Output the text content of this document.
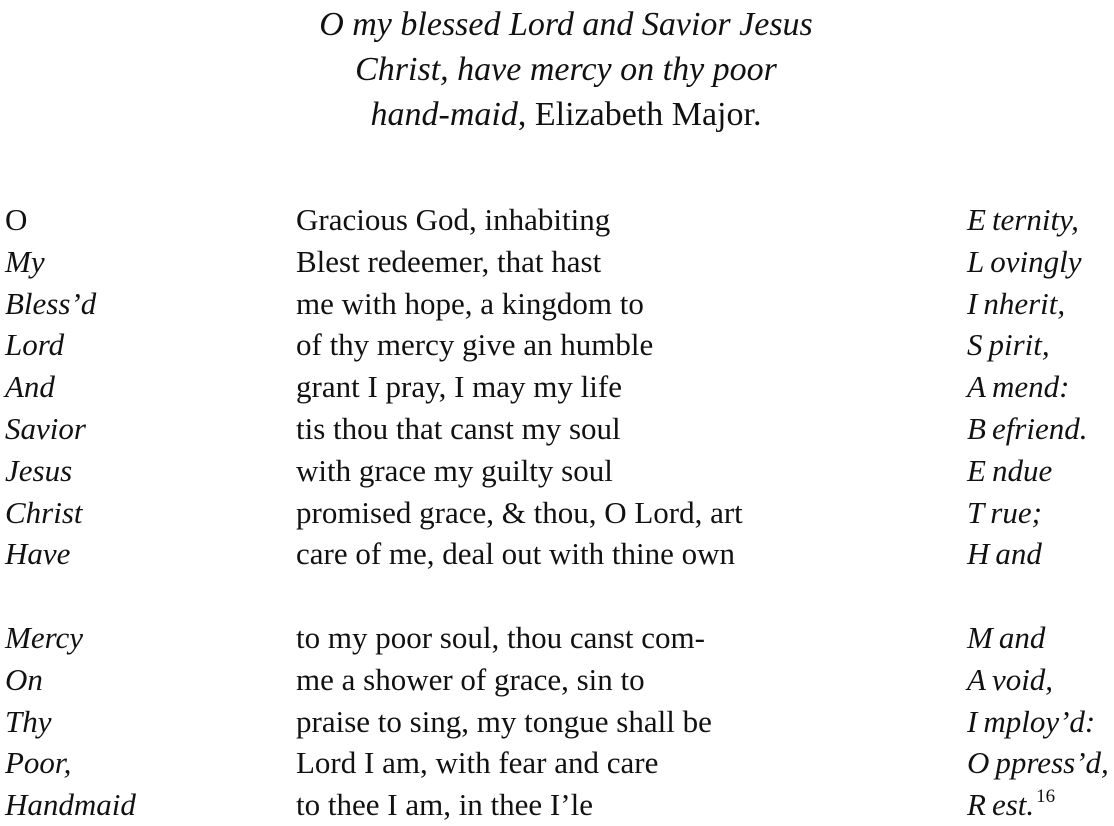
O my blessed Lord and Savior Jesus
Christ, have mercy on thy poor
hand-maid, Elizabeth Major.
O	Gracious God, inhabiting	E ternity,
My	Blest redeemer, that hast	L ovingly
Bless’d	me with hope, a kingdom to	I nherit,
Lord	of thy mercy give an humble	S pirit,
And	grant I pray, I may my life	A mend:
Savior	tis thou that canst my soul	B efriend.
Jesus	with grace my guilty soul	E ndue
Christ	promised grace, & thou, O Lord, art	T rue;
Have	care of me, deal out with thine own	H and
Mercy	to my poor soul, thou canst com-	M and
On	me a shower of grace, sin to	A void,
Thy	praise to sing, my tongue shall be	I mploy’d:
Poor,	Lord I am, with fear and care	O ppress’d,
Handmaid	to thee I am, in thee I’le	R est. $^{16}$
